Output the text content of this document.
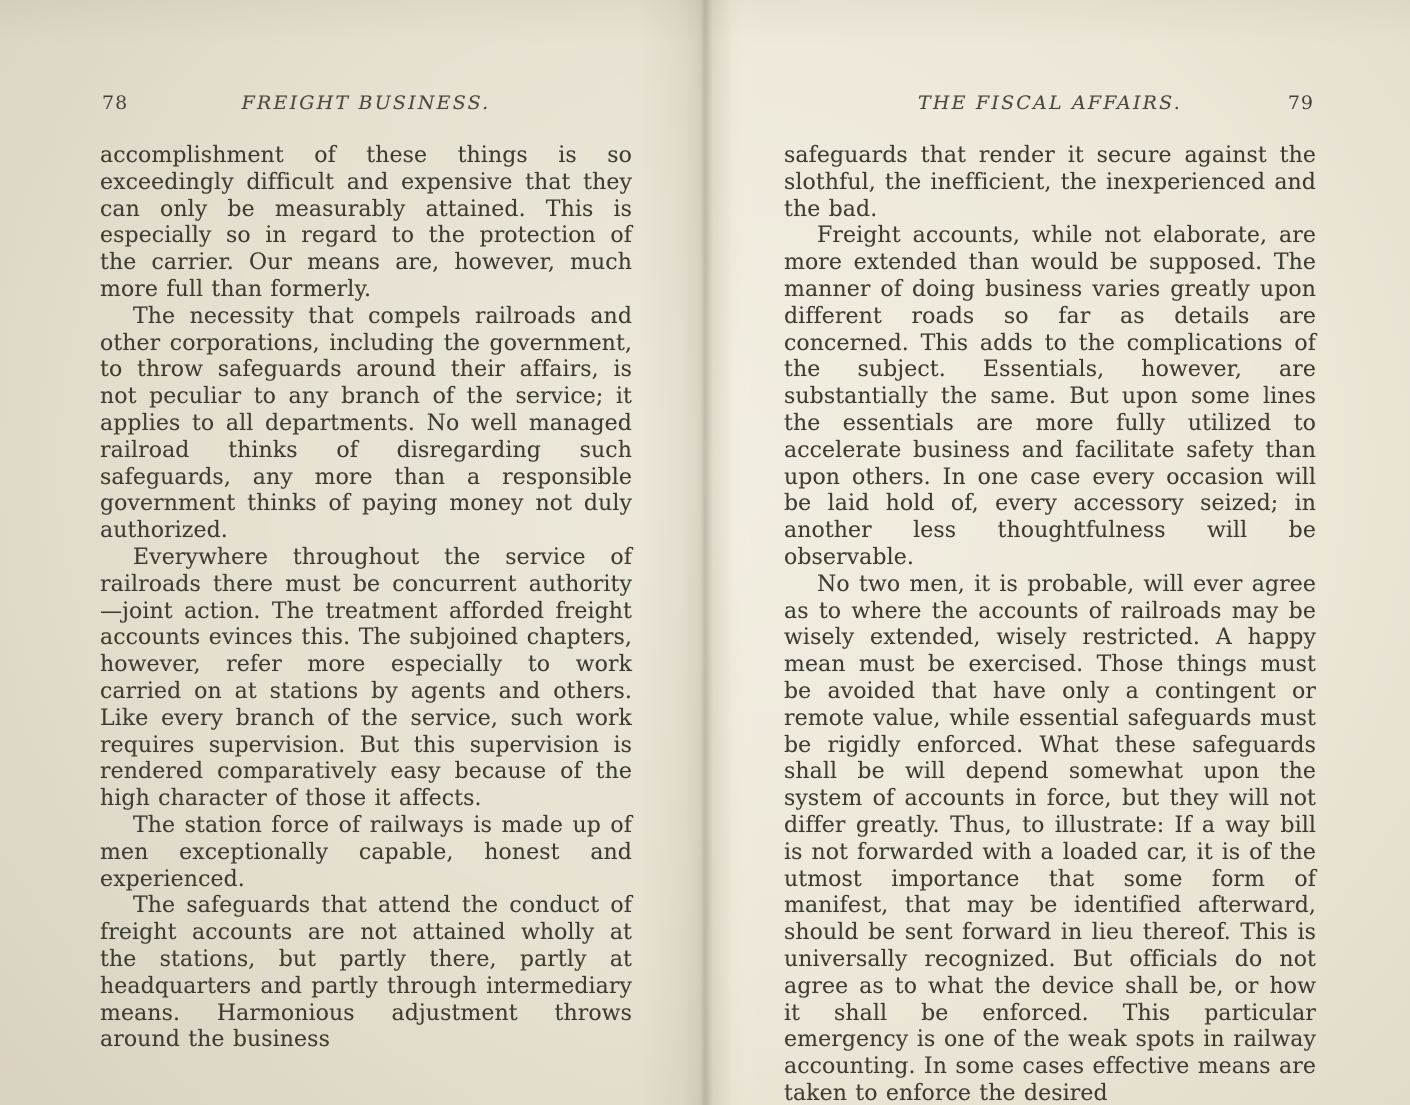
78	FREIGHT BUSINESS.

accomplishment of these things is so exceedingly difficult and expensive that they can only be measurably attained. This is especially so in regard to the protection of the carrier. Our means are, however, much more full than formerly.

The necessity that compels railroads and other corporations, including the government, to throw safeguards around their affairs, is not peculiar to any branch of the service; it applies to all departments. No well managed railroad thinks of disregarding such safeguards, any more than a responsible government thinks of paying money not duly authorized.

Everywhere throughout the service of railroads there must be concurrent authority—joint action. The treatment afforded freight accounts evinces this. The subjoined chapters, however, refer more especially to work carried on at stations by agents and others. Like every branch of the service, such work requires supervision. But this supervision is rendered comparatively easy because of the high character of those it affects.

The station force of railways is made up of men exceptionally capable, honest and experienced.

The safeguards that attend the conduct of freight accounts are not attained wholly at the stations, but partly there, partly at headquarters and partly through intermediary means. Harmonious adjustment throws around the business

THE FISCAL AFFAIRS.	79

safeguards that render it secure against the slothful, the inefficient, the inexperienced and the bad.

Freight accounts, while not elaborate, are more extended than would be supposed. The manner of doing business varies greatly upon different roads so far as details are concerned. This adds to the complications of the subject. Essentials, however, are substantially the same. But upon some lines the essentials are more fully utilized to accelerate business and facilitate safety than upon others. In one case every occasion will be laid hold of, every accessory seized; in another less thoughtfulness will be observable.

No two men, it is probable, will ever agree as to where the accounts of railroads may be wisely extended, wisely restricted. A happy mean must be exercised. Those things must be avoided that have only a contingent or remote value, while essential safeguards must be rigidly enforced. What these safeguards shall be will depend somewhat upon the system of accounts in force, but they will not differ greatly. Thus, to illustrate: If a way bill is not forwarded with a loaded car, it is of the utmost importance that some form of manifest, that may be identified afterward, should be sent forward in lieu thereof. This is universally recognized. But officials do not agree as to what the device shall be, or how it shall be enforced. This particular emergency is one of the weak spots in railway accounting. In some cases effective means are taken to enforce the desired
